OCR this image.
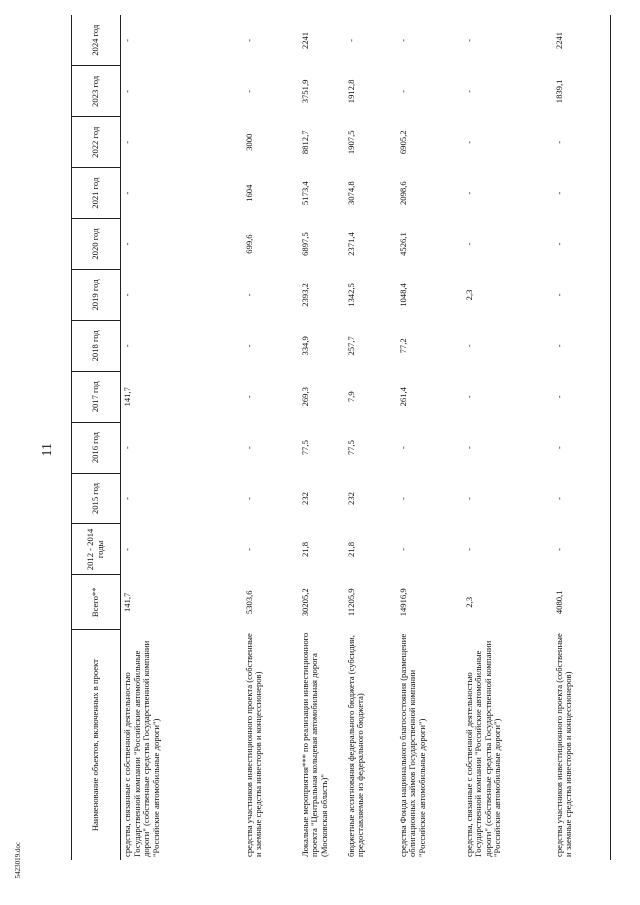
11
Наименование объектов, включенных в проект	Всего**	2012 - 2014 годы	2015 год	2016 год	2017 год	2018 год	2019 год	2020 год	2021 год	2022 год	2023 год	2024 год
средства, связанные с собственной деятельностью Государственной компании "Российские автомобильные дороги" (собственные средства Государственной компании "Российские автомобильные дороги")	141,7	-	-	-	141,7	-	-	-	-	-	-	-
средства участников инвестиционного проекта (собственные и заемные средства инвесторов и концессионеров)	5303,6	-	-	-	-	-	-	699,6	1604	3000	-	-
Локальные мероприятия*** по реализации инвестиционного проекта "Центральная кольцевая автомобильная дорога (Московская область)"	30205,2	21,8	232	77,5	269,3	334,9	2393,2	6897,5	5173,4	8812,7	3751,9	2241
бюджетные ассигнования федерального бюджета (субсидии, предоставляемые из федерального бюджета)	11205,9	21,8	232	77,5	7,9	257,7	1342,5	2371,4	3074,8	1907,5	1912,8	-
средства Фонда национального благосостояния (размещение облигационных займов Государственной компании "Российские автомобильные дороги")	14916,9	-	-	-	261,4	77,2	1048,4	4526,1	2098,6	6905,2	-	-
средства, связанные с собственной деятельностью Государственной компании "Российские автомобильные дороги" (собственные средства Государственной компании "Российские автомобильные дороги")	2,3	-	-	-	-	-	2,3	-	-	-	-	-
средства участников инвестиционного проекта (собственные и заемные средства инвесторов и концессионеров)	4080,1	-	-	-	-	-	-	-	-	-	1839,1	2241
5423019.doc
